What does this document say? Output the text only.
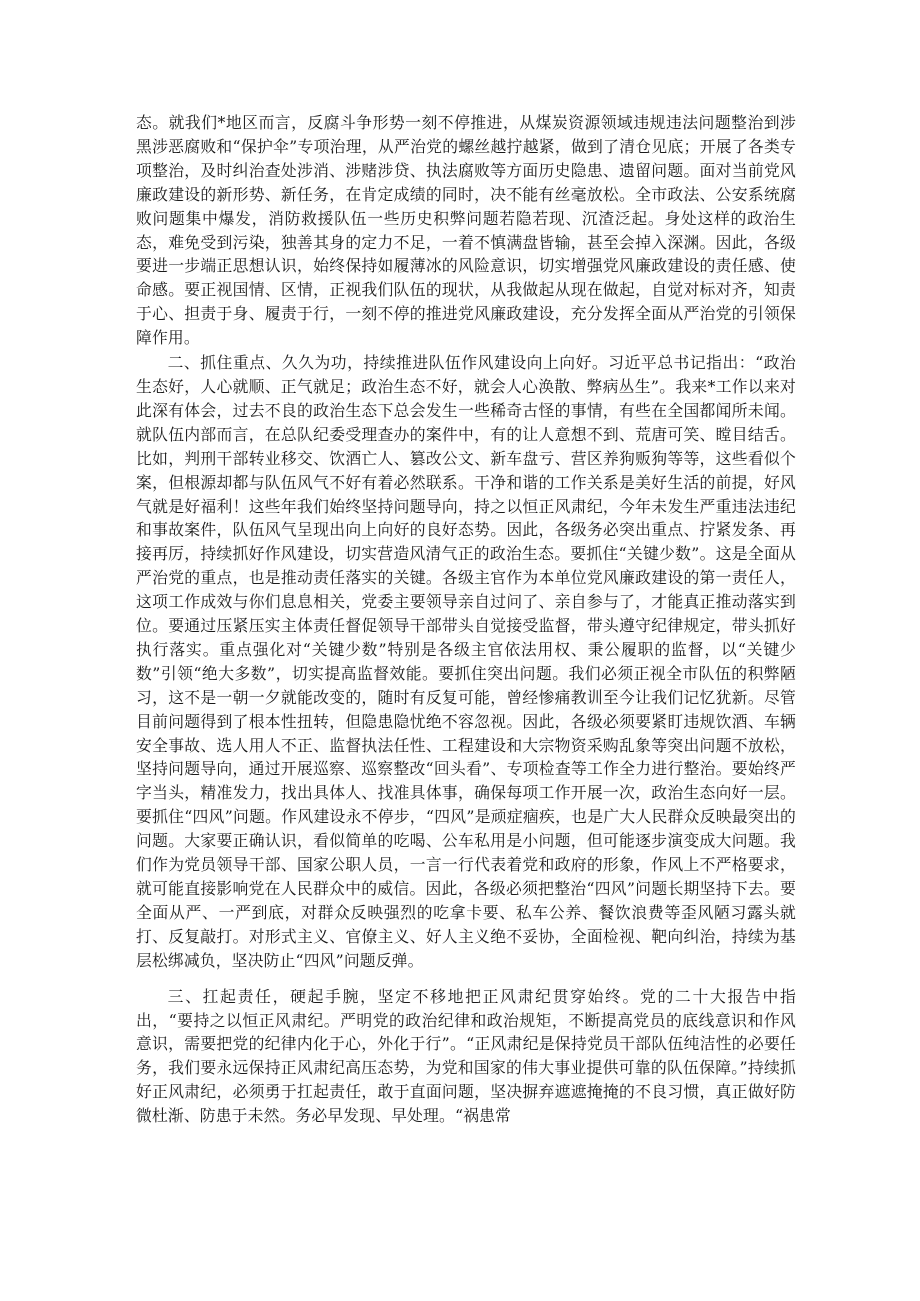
态。就我们*地区而言，反腐斗争形势一刻不停推进，从煤炭资源领域违规违法问题整治到涉黑涉恶腐败和“保护伞”专项治理，从严治党的螺丝越拧越紧，做到了清仓见底；开展了各类专项整治，及时纠治查处涉消、涉赌涉贷、执法腐败等方面历史隐患、遗留问题。面对当前党风廉政建设的新形势、新任务，在肯定成绩的同时，决不能有丝毫放松。全市政法、公安系统腐败问题集中爆发，消防救援队伍一些历史积弊问题若隐若现、沉渣泛起。身处这样的政治生态，难免受到污染，独善其身的定力不足，一着不慎满盘皆输，甚至会掉入深渊。因此，各级要进一步端正思想认识，始终保持如履薄冰的风险意识，切实增强党风廉政建设的责任感、使命感。要正视国情、区情，正视我们队伍的现状，从我做起从现在做起，自觉对标对齐，知责于心、担责于身、履责于行，一刻不停的推进党风廉政建设，充分发挥全面从严治党的引领保障作用。

二、抓住重点、久久为功，持续推进队伍作风建设向上向好。习近平总书记指出：“政治生态好，人心就顺、正气就足；政治生态不好，就会人心涣散、弊病丛生”。我来*工作以来对此深有体会，过去不良的政治生态下总会发生一些稀奇古怪的事情，有些在全国都闻所未闻。就队伍内部而言，在总队纪委受理查办的案件中，有的让人意想不到、荒唐可笑、瞠目结舌。比如，判刑干部转业移交、饮酒亡人、篡改公文、新车盘亏、营区养狗贩狗等等，这些看似个案，但根源却都与队伍风气不好有着必然联系。干净和谐的工作关系是美好生活的前提，好风气就是好福利！这些年我们始终坚持问题导向，持之以恒正风肃纪，今年未发生严重违法违纪和事故案件，队伍风气呈现出向上向好的良好态势。因此，各级务必突出重点、拧紧发条、再接再厉，持续抓好作风建设，切实营造风清气正的政治生态。要抓住“关键少数”。这是全面从严治党的重点，也是推动责任落实的关键。各级主官作为本单位党风廉政建设的第一责任人，这项工作成效与你们息息相关，党委主要领导亲自过问了、亲自参与了，才能真正推动落实到位。要通过压紧压实主体责任督促领导干部带头自觉接受监督，带头遵守纪律规定，带头抓好执行落实。重点强化对“关键少数”特别是各级主官依法用权、秉公履职的监督，以“关键少数”引领“绝大多数”，切实提高监督效能。要抓住突出问题。我们必须正视全市队伍的积弊陋习，这不是一朝一夕就能改变的，随时有反复可能，曾经惨痛教训至今让我们记忆犹新。尽管目前问题得到了根本性扭转，但隐患隐忧绝不容忽视。因此，各级必须要紧盯违规饮酒、车辆安全事故、选人用人不正、监督执法任性、工程建设和大宗物资采购乱象等突出问题不放松，坚持问题导向，通过开展巡察、巡察整改“回头看”、专项检查等工作全力进行整治。要始终严字当头，精准发力，找出具体人、找准具体事，确保每项工作开展一次，政治生态向好一层。要抓住“四风”问题。作风建设永不停步，“四风”是顽症痼疾，也是广大人民群众反映最突出的问题。大家要正确认识，看似简单的吃喝、公车私用是小问题，但可能逐步演变成大问题。我们作为党员领导干部、国家公职人员，一言一行代表着党和政府的形象，作风上不严格要求，就可能直接影响党在人民群众中的威信。因此，各级必须把整治“四风”问题长期坚持下去。要全面从严、一严到底，对群众反映强烈的吃拿卡要、私车公养、餐饮浪费等歪风陋习露头就打、反复敲打。对形式主义、官僚主义、好人主义绝不妥协，全面检视、靶向纠治，持续为基层松绑减负，坚决防止“四风”问题反弹。

三、扛起责任，硬起手腕，坚定不移地把正风肃纪贯穿始终。党的二十大报告中指出，“要持之以恒正风肃纪。严明党的政治纪律和政治规矩，不断提高党员的底线意识和作风意识，需要把党的纪律内化于心，外化于行”。“正风肃纪是保持党员干部队伍纯洁性的必要任务，我们要永远保持正风肃纪高压态势，为党和国家的伟大事业提供可靠的队伍保障。”持续抓好正风肃纪，必须勇于扛起责任，敢于直面问题，坚决摒弃遮遮掩掩的不良习惯，真正做好防微杜渐、防患于未然。务必早发现、早处理。“祸患常
